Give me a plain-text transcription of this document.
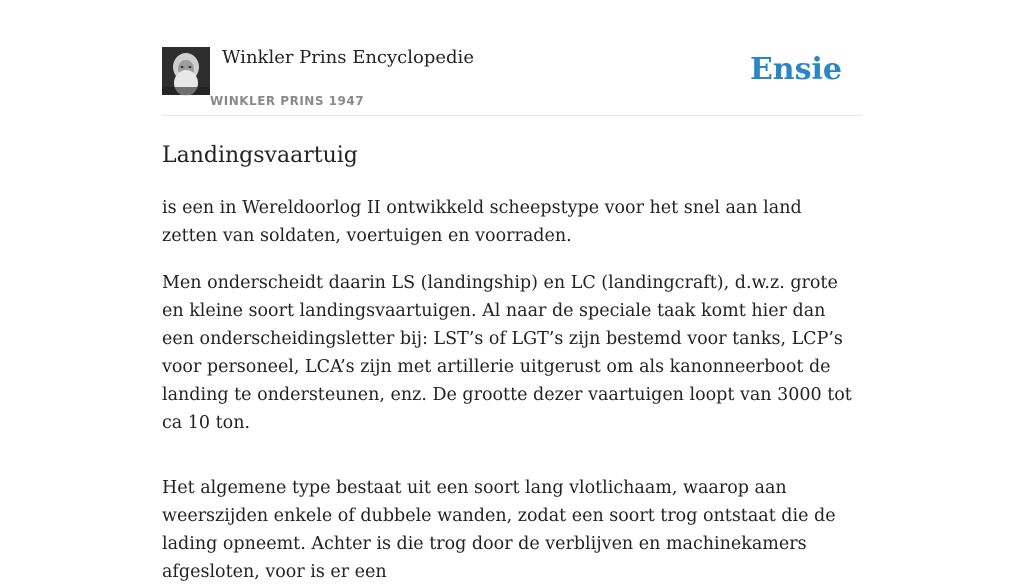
Winkler Prins Encyclopedie
WINKLER PRINS 1947
Ensie
Landingsvaartuig

is een in Wereldoorlog II ontwikkeld scheepstype voor het snel aan land zetten van soldaten, voertuigen en voorraden.

Men onderscheidt daarin LS (landingship) en LC (landingcraft), d.w.z. grote en kleine soort landingsvaartuigen. Al naar de speciale taak komt hier dan een onderscheidingsletter bij: LST’s of LGT’s zijn bestemd voor tanks, LCP’s voor personeel, LCA’s zijn met artillerie uitgerust om als kanonneerboot de landing te ondersteunen, enz. De grootte dezer vaartuigen loopt van 3000 tot ca 10 ton.

Het algemene type bestaat uit een soort lang vlotlichaam, waarop aan weerszijden enkele of dubbele wanden, zodat een soort trog ontstaat die de lading opneemt. Achter is die trog door de verblijven en machinekamers afgesloten, voor is er een
